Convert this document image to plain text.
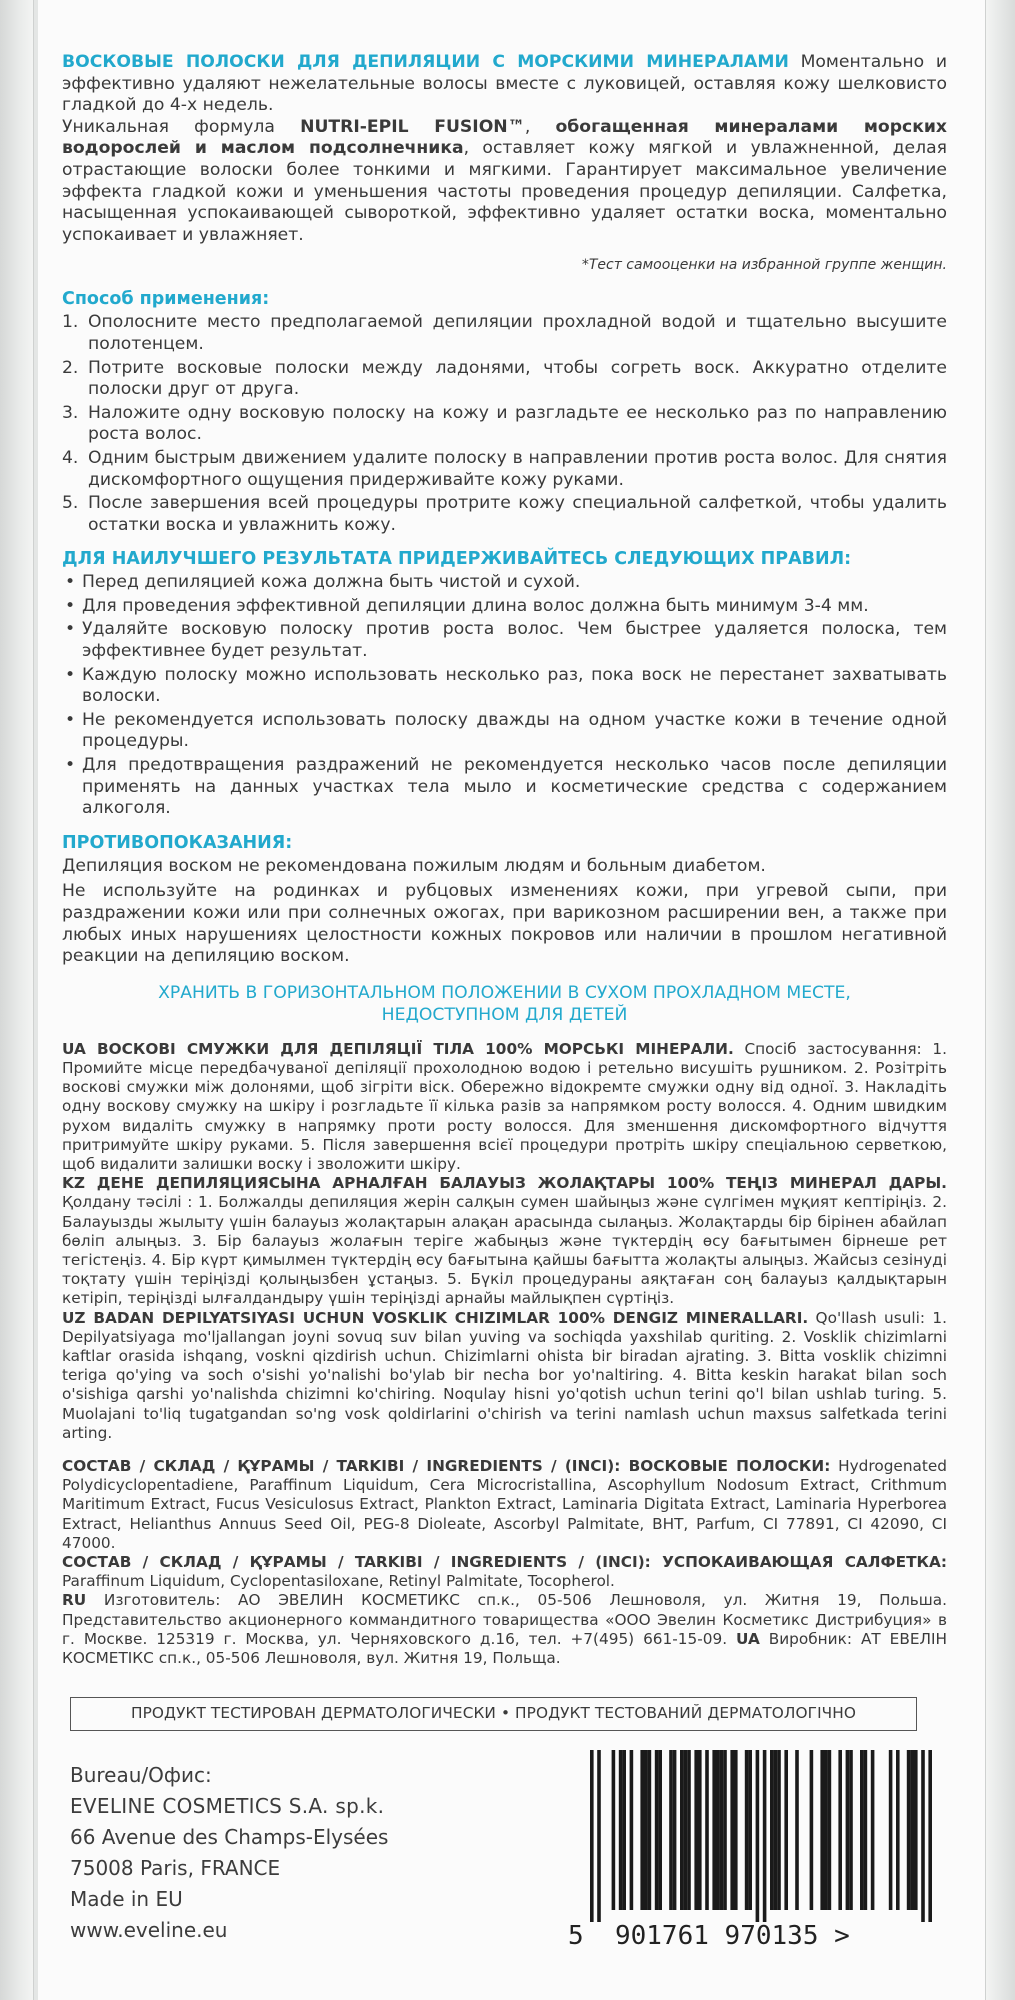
ВОСКОВЫЕ ПОЛОСКИ ДЛЯ ДЕПИЛЯЦИИ С МОРСКИМИ МИНЕРАЛАМИ Моментально и эффективно удаляют нежелательные волосы вместе с луковицей, оставляя кожу шелковисто гладкой до 4-х недель.

Уникальная формула NUTRI-EPIL FUSION™, обогащенная минералами морских водорослей и маслом подсолнечника, оставляет кожу мягкой и увлажненной, делая отрастающие волоски более тонкими и мягкими. Гарантирует максимальное увеличение эффекта гладкой кожи и уменьшения частоты проведения процедур депиляции. Салфетка, насыщенная успокаивающей сывороткой, эффективно удаляет остатки воска, моментально успокаивает и увлажняет.

*Тест самооценки на избранной группе женщин.
Способ применения:
1. Ополосните место предполагаемой депиляции прохладной водой и тщательно высушите полотенцем.
2. Потрите восковые полоски между ладонями, чтобы согреть воск. Аккуратно отделите полоски друг от друга.
3. Наложите одну восковую полоску на кожу и разгладьте ее несколько раз по направлению роста волос.
4. Одним быстрым движением удалите полоску в направлении против роста волос. Для снятия дискомфортного ощущения придерживайте кожу руками.
5. После завершения всей процедуры протрите кожу специальной салфеткой, чтобы удалить остатки воска и увлажнить кожу.
ДЛЯ НАИЛУЧШЕГО РЕЗУЛЬТАТА ПРИДЕРЖИВАЙТЕСЬ СЛЕДУЮЩИХ ПРАВИЛ:
• Перед депиляцией кожа должна быть чистой и сухой.
• Для проведения эффективной депиляции длина волос должна быть минимум 3-4 мм.
• Удаляйте восковую полоску против роста волос. Чем быстрее удаляется полоска, тем эффективнее будет результат.
• Каждую полоску можно использовать несколько раз, пока воск не перестанет захватывать волоски.
• Не рекомендуется использовать полоску дважды на одном участке кожи в течение одной процедуры.
• Для предотвращения раздражений не рекомендуется несколько часов после депиляции применять на данных участках тела мыло и косметические средства с содержанием алкоголя.
ПРОТИВОПОКАЗАНИЯ:

Депиляция воском не рекомендована пожилым людям и больным диабетом.

Не используйте на родинках и рубцовых изменениях кожи, при угревой сыпи, при раздражении кожи или при солнечных ожогах, при варикозном расширении вен, а также при любых иных нарушениях целостности кожных покровов или наличии в прошлом негативной реакции на депиляцию воском.

ХРАНИТЬ В ГОРИЗОНТАЛЬНОМ ПОЛОЖЕНИИ В СУХОМ ПРОХЛАДНОМ МЕСТЕ,
НЕДОСТУПНОМ ДЛЯ ДЕТЕЙ

UA ВОСКОВІ СМУЖКИ ДЛЯ ДЕПІЛЯЦІЇ ТІЛА 100% МОРСЬКІ МІНЕРАЛИ. Спосіб застосування: 1. Промийте місце передбачуваної депіляції прохолодною водою і ретельно висушіть рушником. 2. Розітріть воскові смужки між долонями, щоб зігріти віск. Обережно відокремте смужки одну від одної. 3. Накладіть одну воскову смужку на шкіру і розгладьте її кілька разів за напрямком росту волосся. 4. Одним швидким рухом видаліть смужку в напрямку проти росту волосся. Для зменшення дискомфортного відчуття притримуйте шкіру руками. 5. Після завершення всієї процедури протріть шкіру спеціальною серветкою, щоб видалити залишки воску і зволожити шкіру.

KZ ДЕНЕ ДЕПИЛЯЦИЯСЫНА АРНАЛҒАН БАЛАУЫЗ ЖОЛАҚТАРЫ 100% ТЕҢІЗ МИНЕРАЛ ДАРЫ. Қолдану тәсілі : 1. Болжалды депиляция жерін салқын сумен шайыңыз және сүлгімен мұқият кептіріңіз. 2. Балауызды жылыту үшін балауыз жолақтарын алақан арасында сылаңыз. Жолақтарды бір бірінен абайлап бөліп алыңыз. 3. Бір балауыз жолағын теріге жабыңыз және түктердің өсу бағытымен бірнеше рет тегістеңіз. 4. Бір күрт қимылмен түктердің өсу бағытына қайшы бағытта жолақты алыңыз. Жайсыз сезінуді тоқтату үшін теріңізді қолыңызбен ұстаңыз. 5. Бүкіл процедураны аяқтаған соң балауыз қалдықтарын кетіріп, теріңізді ылғалдандыру үшін теріңізді арнайы майлықпен сүртіңіз.

UZ BADAN DEPILYATSIYASI UCHUN VOSKLIK CHIZIMLAR 100% DENGIZ MINERALLARI. Qo'llash usuli: 1. Depilyatsiyaga mo'ljallangan joyni sovuq suv bilan yuving va sochiqda yaxshilab quriting. 2. Vosklik chizimlarni kaftlar orasida ishqang, voskni qizdirish uchun. Chizimlarni ohista bir biradan ajrating. 3. Bitta vosklik chizimni teriga qo'ying va soch o'sishi yo'nalishi bo'ylab bir necha bor yo'naltiring. 4. Bitta keskin harakat bilan soch o'sishiga qarshi yo'nalishda chizimni ko'chiring. Noqulay hisni yo'qotish uchun terini qo'l bilan ushlab turing. 5. Muolajani to'liq tugatgandan so'ng vosk qoldirlarini o'chirish va terini namlash uchun maxsus salfetkada terini arting.

СОСТАВ / СКЛАД / ҚҰРАМЫ / TARKIBI / INGREDIENTS / (INCI): ВОСКОВЫЕ ПОЛОСКИ: Hydrogenated Polydicyclopentadiene, Paraffinum Liquidum, Cera Microcristallina, Ascophyllum Nodosum Extract, Crithmum Maritimum Extract, Fucus Vesiculosus Extract, Plankton Extract, Laminaria Digitata Extract, Laminaria Hyperborea Extract, Helianthus Annuus Seed Oil, PEG-8 Dioleate, Ascorbyl Palmitate, BHT, Parfum, CI 77891, CI 42090, CI 47000.

СОСТАВ / СКЛАД / ҚҰРАМЫ / TARKIBI / INGREDIENTS / (INCI): УСПОКАИВАЮЩАЯ САЛФЕТКА: Paraffinum Liquidum, Cyclopentasiloxane, Retinyl Palmitate, Tocopherol.

RU Изготовитель: АО ЭВЕЛИН КОСМЕТИКС сп.к., 05-506 Лешноволя, ул. Житня 19, Польша. Представительство акционерного коммандитного товарищества «ООО Эвелин Косметикс Дистрибуция» в г. Москве. 125319 г. Москва, ул. Черняховского д.16, тел. +7(495) 661-15-09. UA Виробник: АТ ЕВЕЛІН КОСМЕТІКС сп.к., 05-506 Лешноволя, вул. Житня 19, Польща.

ПРОДУКТ ТЕСТИРОВАН ДЕРМАТОЛОГИЧЕСКИ • ПРОДУКТ ТЕСТОВАНИЙ ДЕРМАТОЛОГІЧНО
Bureau/Офис:
EVELINE COSMETICS S.A. sp.k.
66 Avenue des Champs-Elysées
75008 Paris, FRANCE
Made in EU
www.eveline.eu	5 901761 970135 >
